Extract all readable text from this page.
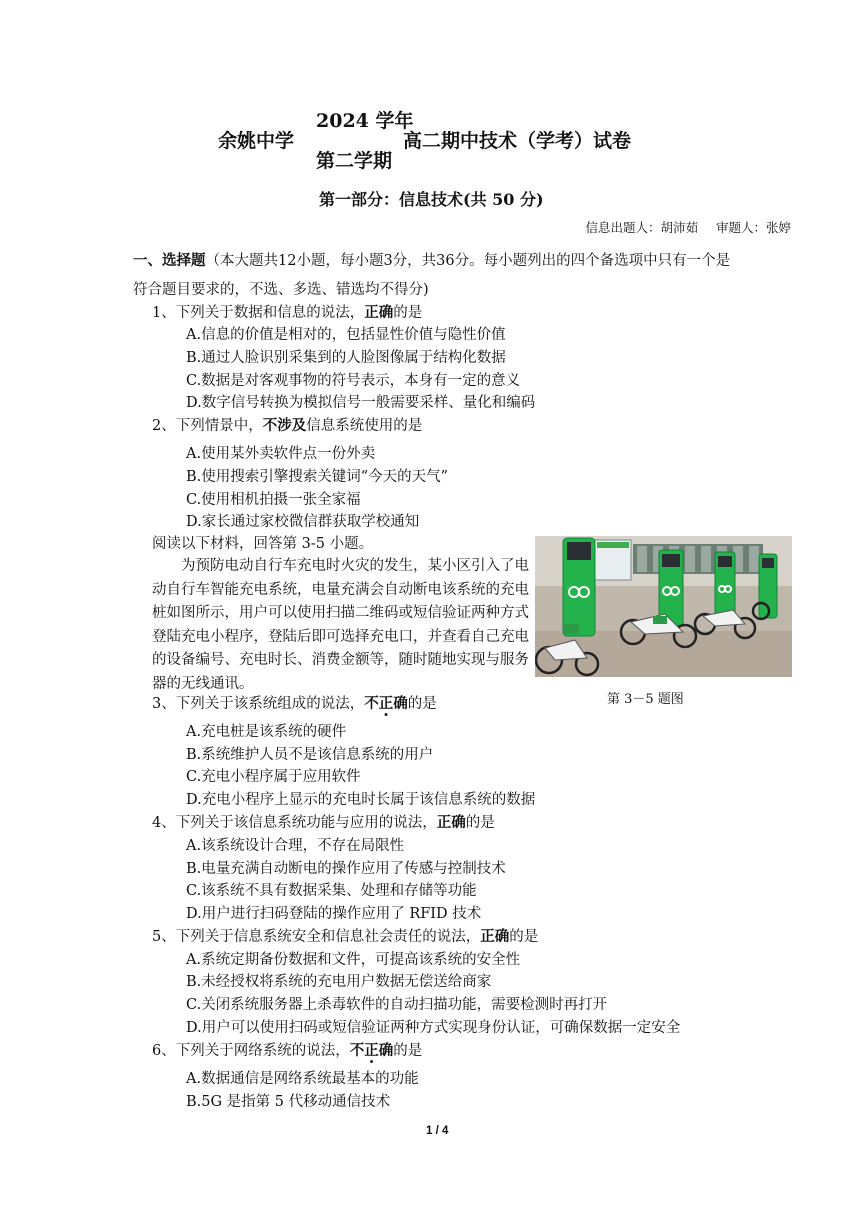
2024 学年
余姚中学
第二学期
高二期中技术（学考）试卷
第一部分：信息技术(共 50 分)
信息出题人：胡沛茹 审题人：张婷
一、选择题（本大题共12小题，每小题3分，共36分。每小题列出的四个备选项中只有一个是符合题目要求的，不选、多选、错选均不得分)
1、下列关于数据和信息的说法，正确的是
A.信息的价值是相对的，包括显性价值与隐性价值
B.通过人脸识别采集到的人脸图像属于结构化数据
C.数据是对客观事物的符号表示，本身有一定的意义
D.数字信号转换为模拟信号一般需要采样、量化和编码
2、下列情景中，不涉及信息系统使用的是
A.使用某外卖软件点一份外卖
B.使用搜索引擎搜索关键词“今天的天气”
C.使用相机拍摄一张全家福
D.家长通过家校微信群获取学校通知
阅读以下材料，回答第 3-5 小题。
为预防电动自行车充电时火灾的发生，某小区引入了电动自行车智能充电系统，电量充满会自动断电该系统的充电桩如图所示，用户可以使用扫描二维码或短信验证两种方式登陆充电小程序，登陆后即可选择充电口，并查看自己充电的设备编号、充电时长、消费金额等，随时随地实现与服务器的无线通讯。
第 3－5 题图
3、下列关于该系统组成的说法，不正确的是
A.充电桩是该系统的硬件
B.系统维护人员不是该信息系统的用户
C.充电小程序属于应用软件
D.充电小程序上显示的充电时长属于该信息系统的数据
4、下列关于该信息系统功能与应用的说法，正确的是
A.该系统设计合理，不存在局限性
B.电量充满自动断电的操作应用了传感与控制技术
C.该系统不具有数据采集、处理和存储等功能
D.用户进行扫码登陆的操作应用了 RFID 技术
5、下列关于信息系统安全和信息社会责任的说法，正确的是
A.系统定期备份数据和文件，可提高该系统的安全性
B.未经授权将系统的充电用户数据无偿送给商家
C.关闭系统服务器上杀毒软件的自动扫描功能，需要检测时再打开
D.用户可以使用扫码或短信验证两种方式实现身份认证，可确保数据一定安全
6、下列关于网络系统的说法，不正确的是
A.数据通信是网络系统最基本的功能
B.5G 是指第 5 代移动通信技术
1 / 4
